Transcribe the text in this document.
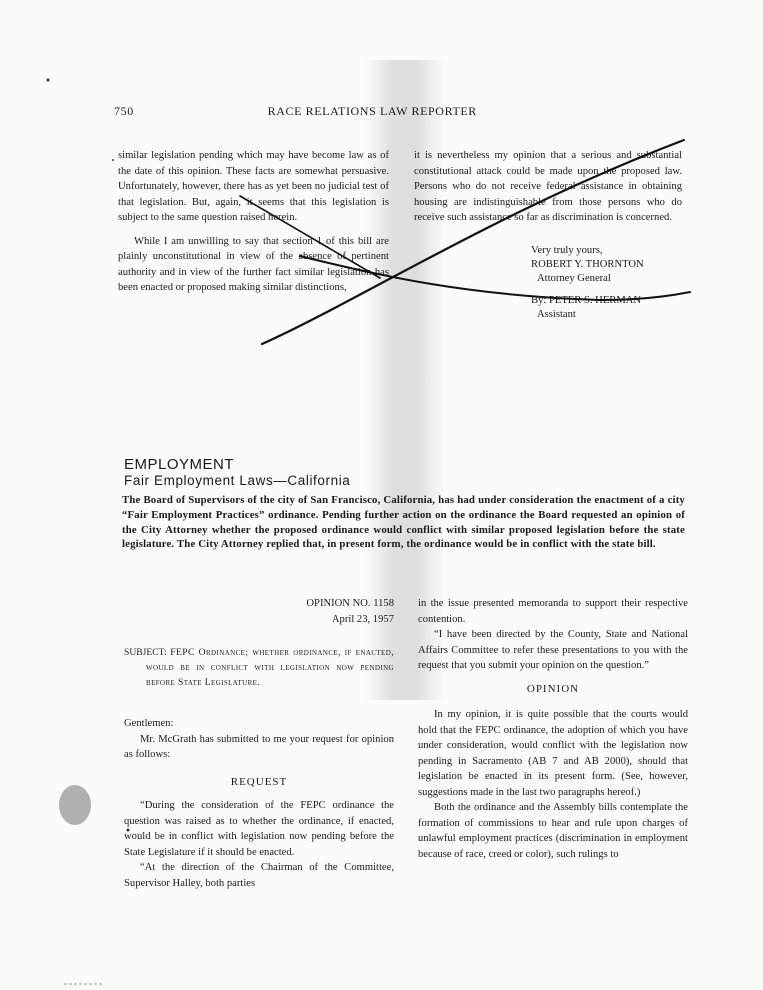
750	RACE RELATIONS LAW REPORTER

similar legislation pending which may have become law as of the date of this opinion. These facts are somewhat persuasive. Unfortunately, however, there has as yet been no judicial test of that legislation. But, again, it seems that this legislation is subject to the same question raised herein.

While I am unwilling to say that section 1 of this bill are plainly unconstitutional in view of the absence of pertinent authority and in view of the further fact similar legislation has been enacted or proposed making similar distinctions,

it is nevertheless my opinion that a serious and substantial constitutional attack could be made upon the proposed law. Persons who do not receive federal assistance in obtaining housing are indistinguishable from those persons who do receive such assistance so far as discrimination is concerned.

Very truly yours,
ROBERT Y. THORNTON
Attorney General
By: PETER S. HERMAN
Assistant
EMPLOYMENT
Fair Employment Laws—California
The Board of Supervisors of the city of San Francisco, California, has had under consideration the enactment of a city “Fair Employment Practices” ordinance. Pending further action on the ordinance the Board requested an opinion of the City Attorney whether the proposed ordinance would conflict with similar proposed legislation before the state legislature. The City Attorney replied that, in present form, the ordinance would be in conflict with the state bill.
OPINION NO. 1158
April 23, 1957
SUBJECT: FEPC Ordinance; whether ordinance, if enacted, would be in conflict with legislation now pending before State Legislature.
Gentlemen:

Mr. McGrath has submitted to me your request for opinion as follows:

REQUEST

“During the consideration of the FEPC ordinance the question was raised as to whether the ordinance, if enacted, would be in conflict with legislation now pending before the State Legislature if it should be enacted.

“At the direction of the Chairman of the Committee, Supervisor Halley, both parties

in the issue presented memoranda to support their respective contention.

“I have been directed by the County, State and National Affairs Committee to refer these presentations to you with the request that you submit your opinion on the question.”

OPINION

In my opinion, it is quite possible that the courts would hold that the FEPC ordinance, the adoption of which you have under consideration, would conflict with the legislation now pending in Sacramento (AB 7 and AB 2000), should that legislation be enacted in its present form. (See, however, suggestions made in the last two paragraphs hereof.)

Both the ordinance and the Assembly bills contemplate the formation of commissions to hear and rule upon charges of unlawful employment practices (discrimination in employment because of race, creed or color), such rulings to
